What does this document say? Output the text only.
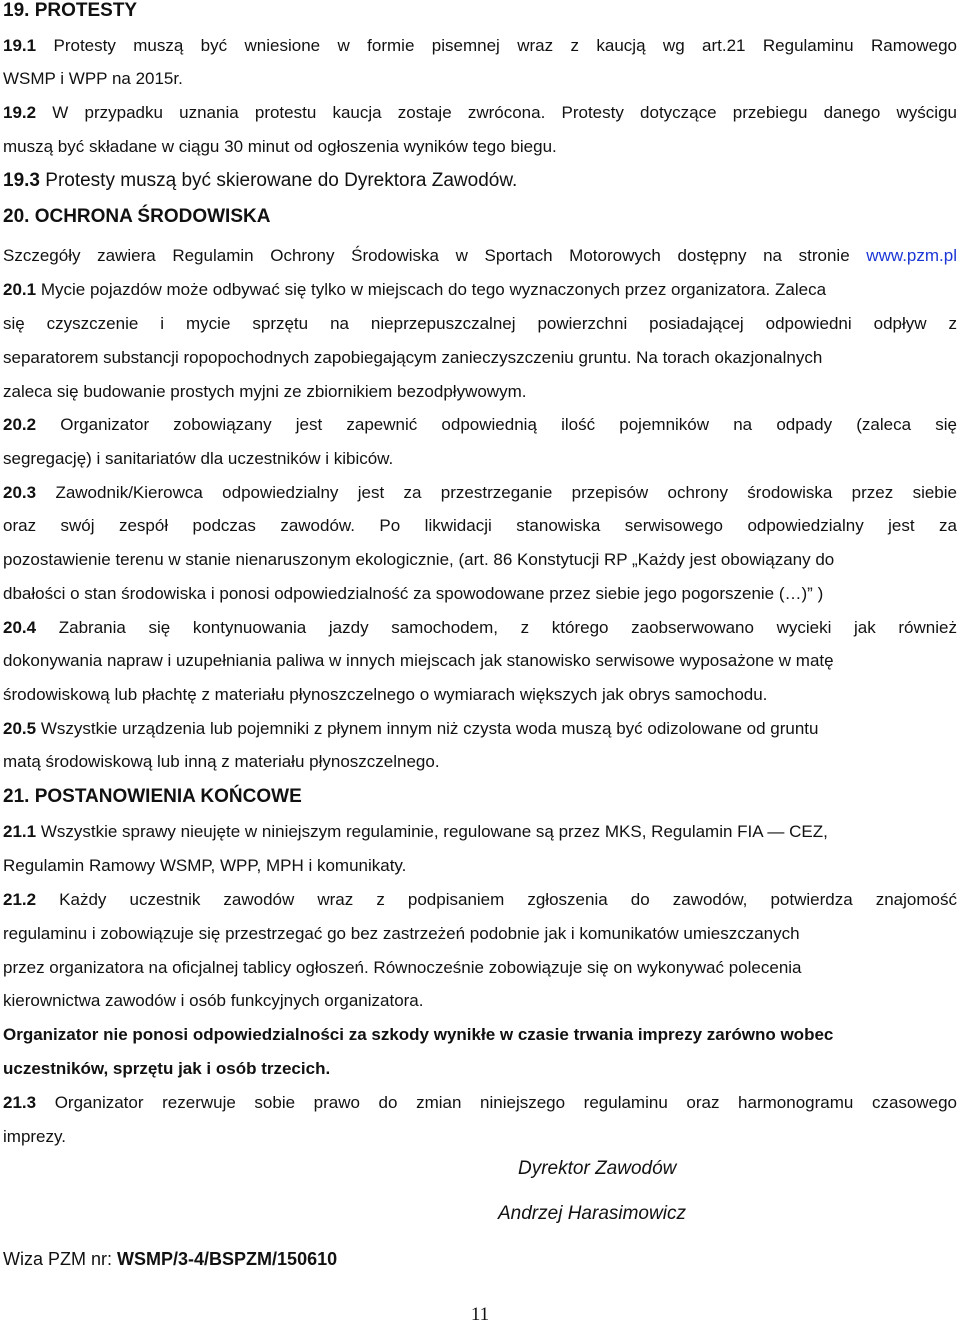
19. PROTESTY
19.1 Protesty muszą być wniesione w formie pisemnej wraz z kaucją wg art.21 Regulaminu Ramowego
WSMP i WPP na 2015r.
19.2 W przypadku uznania protestu kaucja zostaje zwrócona. Protesty dotyczące przebiegu danego wyścigu
muszą być składane w ciągu 30 minut od ogłoszenia wyników tego biegu.
19.3 Protesty muszą być skierowane do Dyrektora Zawodów.
20. OCHRONA ŚRODOWISKA
Szczegóły zawiera Regulamin Ochrony Środowiska w Sportach Motorowych dostępny na stronie www.pzm.pl
20.1 Mycie pojazdów może odbywać się tylko w miejscach do tego wyznaczonych przez organizatora. Zaleca
się czyszczenie i mycie sprzętu na nieprzepuszczalnej powierzchni posiadającej odpowiedni odpływ z
separatorem substancji ropopochodnych zapobiegającym zanieczyszczeniu gruntu. Na torach okazjonalnych
zaleca się budowanie prostych myjni ze zbiornikiem bezodpływowym.
20.2 Organizator zobowiązany jest zapewnić odpowiednią ilość pojemników na odpady (zaleca się
segregację) i sanitariatów dla uczestników i kibiców.
20.3 Zawodnik/Kierowca odpowiedzialny jest za przestrzeganie przepisów ochrony środowiska przez siebie
oraz swój zespół podczas zawodów. Po likwidacji stanowiska serwisowego odpowiedzialny jest za
pozostawienie terenu w stanie nienaruszonym ekologicznie, (art. 86 Konstytucji RP „Każdy jest obowiązany do
dbałości o stan środowiska i ponosi odpowiedzialność za spowodowane przez siebie jego pogorszenie (…)” )
20.4 Zabrania się kontynuowania jazdy samochodem, z którego zaobserwowano wycieki jak również
dokonywania napraw i uzupełniania paliwa w innych miejscach jak stanowisko serwisowe wyposażone w matę
środowiskową lub płachtę z materiału płynoszczelnego o wymiarach większych jak obrys samochodu.
20.5 Wszystkie urządzenia lub pojemniki z płynem innym niż czysta woda muszą być odizolowane od gruntu
matą środowiskową lub inną z materiału płynoszczelnego.
21. POSTANOWIENIA KOŃCOWE
21.1 Wszystkie sprawy nieujęte w niniejszym regulaminie, regulowane są przez MKS, Regulamin FIA — CEZ,
Regulamin Ramowy WSMP, WPP, MPH i komunikaty.
21.2 Każdy uczestnik zawodów wraz z podpisaniem zgłoszenia do zawodów, potwierdza znajomość
regulaminu i zobowiązuje się przestrzegać go bez zastrzeżeń podobnie jak i komunikatów umieszczanych
przez organizatora na oficjalnej tablicy ogłoszeń. Równocześnie zobowiązuje się on wykonywać polecenia
kierownictwa zawodów i osób funkcyjnych organizatora.
Organizator nie ponosi odpowiedzialności za szkody wynikłe w czasie trwania imprezy zarówno wobec
uczestników, sprzętu jak i osób trzecich.
21.3 Organizator rezerwuje sobie prawo do zmian niniejszego regulaminu oraz harmonogramu czasowego
imprezy.
Dyrektor Zawodów
Andrzej Harasimowicz
Wiza PZM nr: WSMP/3-4/BSPZM/150610
11
